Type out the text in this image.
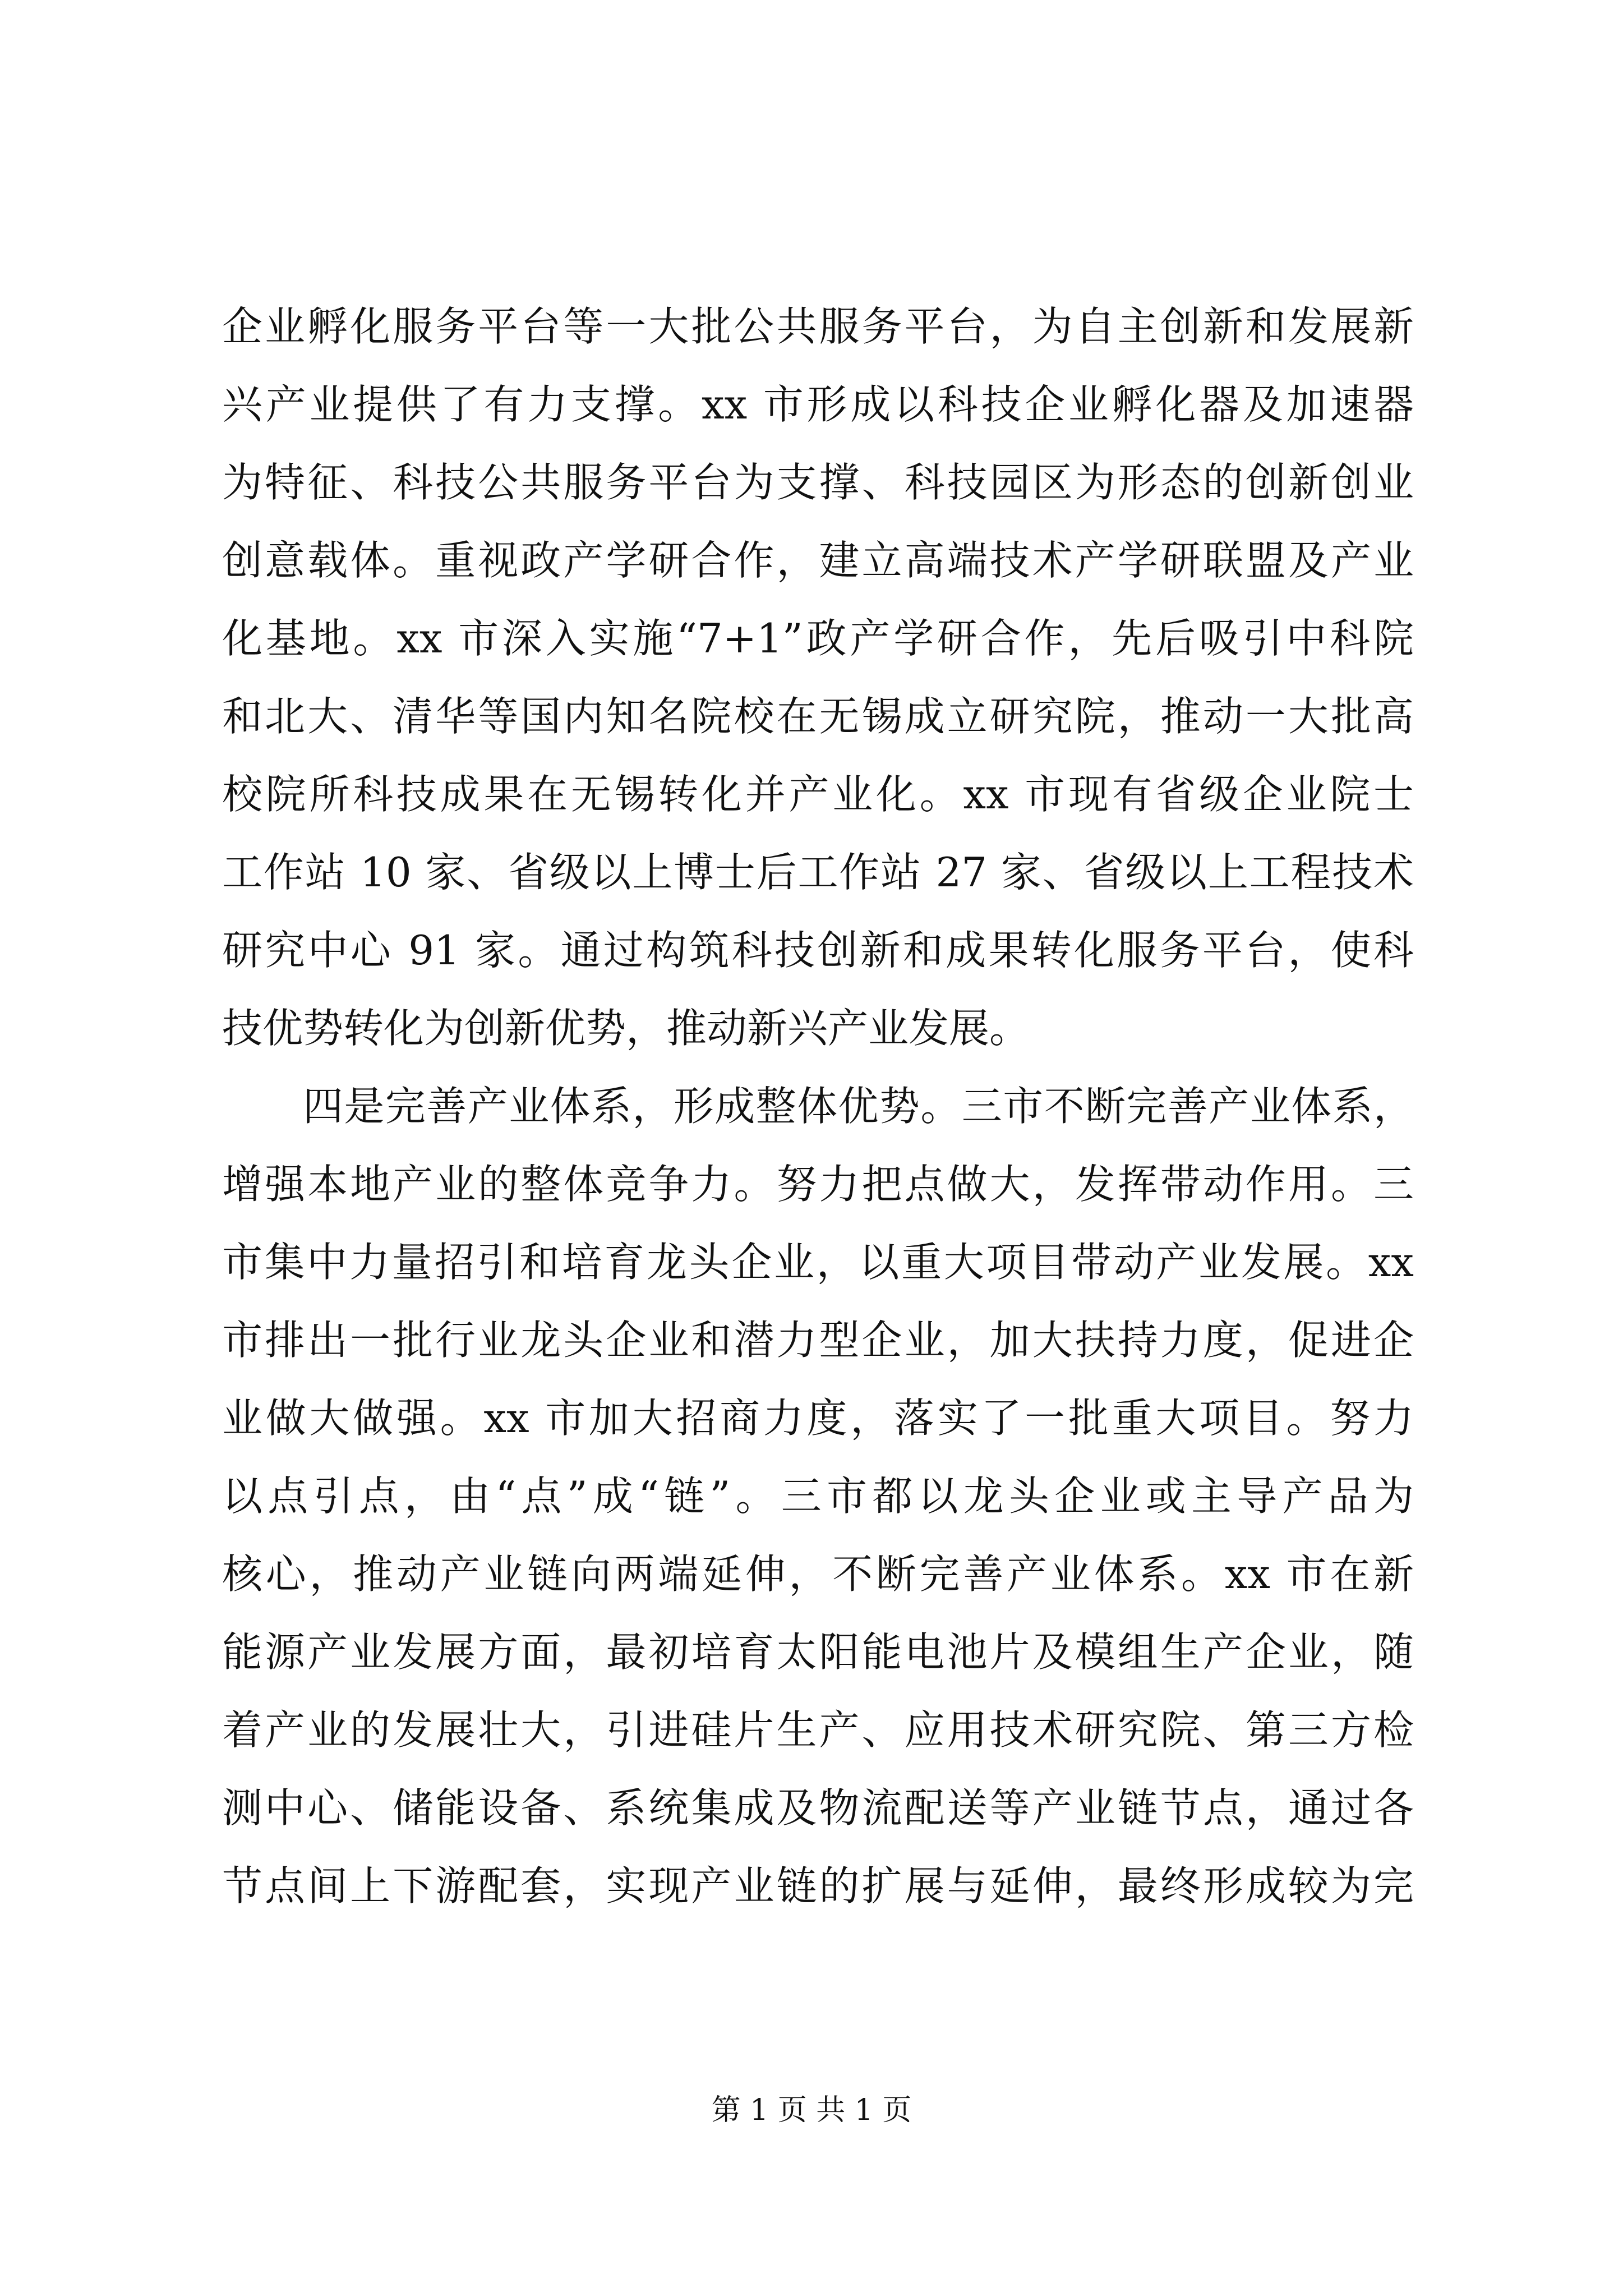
企业孵化服务平台等一大批公共服务平台，为自主创新和发展新
兴产业提供了有力支撑。xx 市形成以科技企业孵化器及加速器
为特征、科技公共服务平台为支撑、科技园区为形态的创新创业
创意载体。重视政产学研合作，建立高端技术产学研联盟及产业
化基地。xx 市深入实施“7+1”政产学研合作，先后吸引中科院
和北大、清华等国内知名院校在无锡成立研究院，推动一大批高
校院所科技成果在无锡转化并产业化。xx 市现有省级企业院士
工作站 10 家、省级以上博士后工作站 27 家、省级以上工程技术
研究中心 91 家。通过构筑科技创新和成果转化服务平台，使科
技优势转化为创新优势，推动新兴产业发展。
四是完善产业体系，形成整体优势。三市不断完善产业体系，
增强本地产业的整体竞争力。努力把点做大，发挥带动作用。三
市集中力量招引和培育龙头企业，以重大项目带动产业发展。xx
市排出一批行业龙头企业和潜力型企业，加大扶持力度，促进企
业做大做强。xx 市加大招商力度，落实了一批重大项目。努力
以点引点，由“点”成“链”。三市都以龙头企业或主导产品为
核心，推动产业链向两端延伸，不断完善产业体系。xx 市在新
能源产业发展方面，最初培育太阳能电池片及模组生产企业，随
着产业的发展壮大，引进硅片生产、应用技术研究院、第三方检
测中心、储能设备、系统集成及物流配送等产业链节点，通过各
节点间上下游配套，实现产业链的扩展与延伸，最终形成较为完
第 1 页 共 1 页
